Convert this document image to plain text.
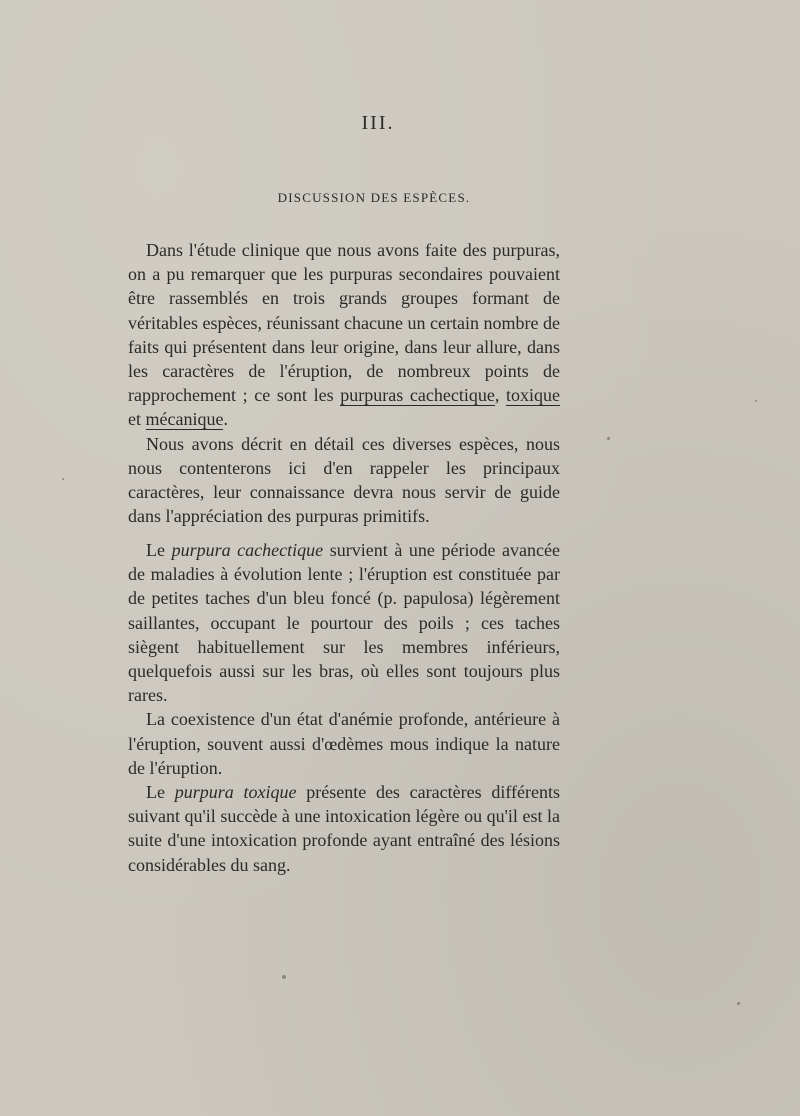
III.
DISCUSSION DES ESPÈCES.

Dans l'étude clinique que nous avons faite des purpuras, on a pu remarquer que les purpuras secondaires pouvaient être rassemblés en trois grands groupes formant de véritables espèces, réunissant chacune un certain nombre de faits qui présentent dans leur origine, dans leur allure, dans les caractères de l'éruption, de nombreux points de rapprochement ; ce sont les purpuras cachectique, toxique et mécanique.

Nous avons décrit en détail ces diverses espèces, nous nous contenterons ici d'en rappeler les principaux caractères, leur connaissance devra nous servir de guide dans l'appréciation des purpuras primitifs.

Le purpura cachectique survient à une période avancée de maladies à évolution lente ; l'éruption est constituée par de petites taches d'un bleu foncé (p. papulosa) légèrement saillantes, occupant le pourtour des poils ; ces taches siègent habituellement sur les membres inférieurs, quelquefois aussi sur les bras, où elles sont toujours plus rares.

La coexistence d'un état d'anémie profonde, antérieure à l'éruption, souvent aussi d'œdèmes mous indique la nature de l'éruption.

Le purpura toxique présente des caractères différents suivant qu'il succède à une intoxication légère ou qu'il est la suite d'une intoxication profonde ayant entraîné des lésions considérables du sang.
